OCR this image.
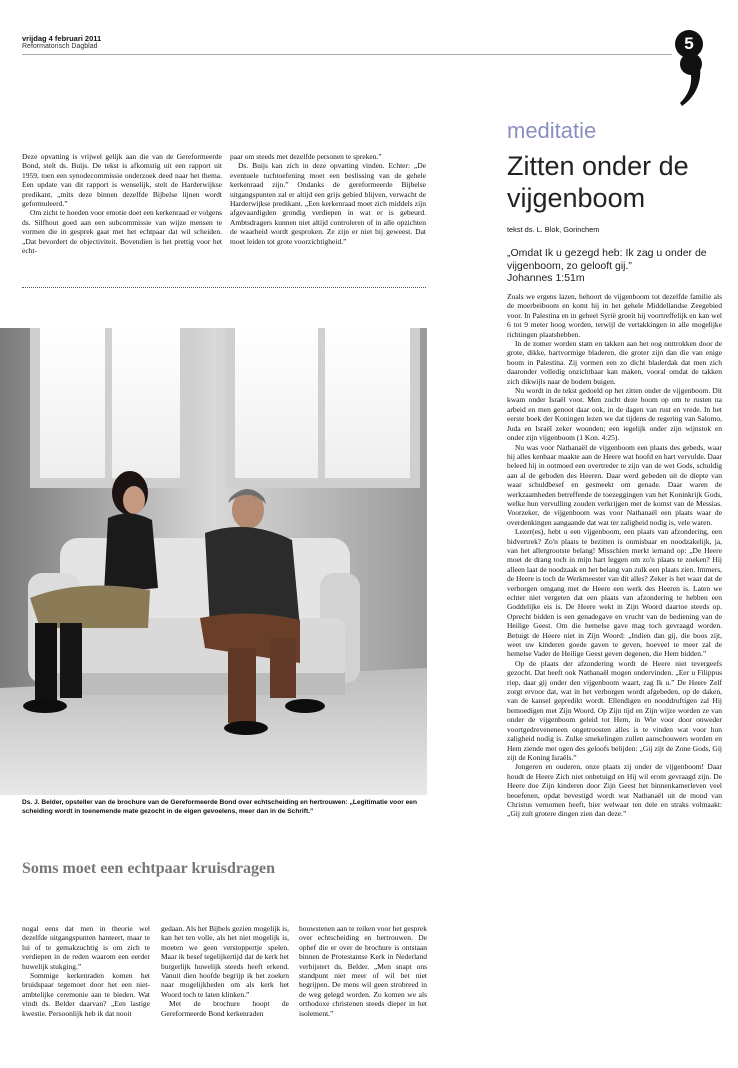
vrijdag 4 februari 2011
Reformatorisch Dagblad	5

Deze opvatting is vrijwel gelijk aan die van de Gereformeerde Bond, stelt ds. Buijs. De tekst is afkomstig uit een rapport uit 1959, toen een synodecommissie onderzoek deed naar het thema. Een update van dit rapport is wenselijk, stelt de Harderwijkse predikant, „mits deze binnen dezelfde Bijbelse lijnen wordt geformuleerd.”

Om zicht te hoeden voor emotie doet een kerkenraad er volgens ds. Silfhout goed aan een subcommissie van wijze mensen te vormen die in gesprek gaat met het echtpaar dat wil scheiden. „Dat bevordert de objectiviteit. Bovendien is het prettig voor het echt-

paar om steeds met dezelfde personen te spreken.”

Ds. Buijs kan zich in deze opvatting vinden. Echter: „De eventuele tuchtoefening moet een beslissing van de gehele kerkenraad zijn.” Ondanks de gereformeerde Bijbelse uitgangspunten zal er altijd een grijs gebied blijven, verwacht de Harderwijkse predikant. „Een kerkenraad moet zich middels zijn afgevaardigden grondig verdiepen in wat er is gebeurd. Ambtsdragers kunnen niet altijd controleren of in alle opzichten de waarheid wordt gesproken. Ze zijn er niet bij geweest. Dat moet leiden tot grote voorzichtigheid.”

Ds. J. Belder, opsteller van de brochure van de Gereformeerde Bond over echtscheiding en hertrouwen: „Legitimatie voor een scheiding wordt in toenemende mate gezocht in de eigen gevoelens, meer dan in de Schrift.”
Soms moet een echtpaar kruisdragen

nogal eens dat men in theorie wel dezelfde uitgangspunten hanteert, maar te lui of te gemakzuchtig is om zich te verdiepen in de reden waarom een eerder huwelijk stukging.”

Sommige kerkenraden komen het bruidspaar tegemoet door het een niet-ambtelijke ceremonie aan te bieden. Wat vindt ds. Belder daarvan? „Een lastige kwestie. Persoonlijk heb ik dat nooit

gedaan. Als het Bijbels gezien mogelijk is, kan het ten volle, als het niet mogelijk is, moeten we geen verstoppertje spelen. Maar ik besef tegelijkertijd dat de kerk het burgerlijk huwelijk steeds heeft erkend. Vanuit dien hoofde begrijp ik het zoeken naar mogelijkheden om als kerk het Woord toch te laten klinken.”

Met de brochure hoopt de Gereformeerde Bond kerkenraden

bouwstenen aan te reiken voor het gesprek over echtscheiding en hertrouwen. De ophef die er over de brochure is ontstaan binnen de Protestantse Kerk in Nederland verbijstert ds. Belder. „Men snapt ons standpunt niet meer of wil het niet begrijpen. De mens wil geen strobreed in de weg gelegd worden. Zo komen we als orthodoxe christenen steeds dieper in het isolement.”

meditatie
Zitten onder de vijgenboom
tekst ds. L. Blok, Gorinchem
„Omdat Ik u gezegd heb: Ik zag u onder de vijgenboom, zo gelooft gij.”
Johannes 1:51m

Zoals we ergens lazen, behoort de vijgenboom tot dezelfde familie als de moerbeiboom en komt hij in het gehele Middellandse Zeegebied voor. In Palestina en in geheel Syrië groeit hij voortreffelijk en kan wel 6 tot 9 meter hoog worden, terwijl de vertakkingen in alle mogelijke richtingen plaatshebben.

In de zomer worden stam en takken aan het oog onttrokken door de grote, dikke, hartvormige bladeren, die groter zijn dan die van enige boom in Palestina. Zij vormen een zo dicht bladerdak dat men zich daaronder volledig onzichtbaar kan maken, vooral omdat de takken zich dikwijls naar de bodem buigen.

Nu wordt in de tekst gedoeld op het zitten onder de vijgenboom. Dit kwam onder Israël voor. Men zocht deze boom op om te rusten na arbeid en men genoot daar ook, in de dagen van rust en vrede. In het eerste boek der Koningen lezen we dat tijdens de regering van Salomo, Juda en Israël zeker woonden; een iegelijk onder zijn wijnstok en onder zijn vijgenboom (1 Kon. 4:25).

Nu was voor Nathanaël de vijgenboom een plaats des gebeds, waar hij alles kenbaar maakte aan de Heere wat hoofd en hart vervulde. Daar beleed hij in ootmoed een overtreder te zijn van de wet Gods, schuldig aan al de geboden des Heeren. Daar werd gebeden uit de diepte van waar schuldbesef en gesmeekt om genade. Daar waren de werkzaamheden betreffende de toezeggingen van het Koninkrijk Gods, welke hun vervulling zouden verkrijgen met de komst van de Messias. Voorzeker, de vijgenboom was voor Nathanaël een plaats waar de overdenkingen aangaande dat wat ter zaligheid nodig is, vele waren.

Lezer(es), hebt u een vijgenboom, een plaats van afzondering, een bidvertrek? Zo'n plaats te bezitten is onmisbaar en noodzakelijk, ja, van het allergrootste belang! Misschien merkt iemand op: „De Heere moet de drang toch in mijn hart leggen om zo'n plaats te zoeken? Hij alleen laat de noodzaak en het belang van zulk een plaats zien. Immers, de Heere is toch de Werkmeester van dit alles? Zeker is het waar dat de verborgen omgang met de Heere een werk des Heeren is. Laten we echter niet vergeten dat een plaats van afzondering te hebben een Goddelijke eis is. De Heere wekt in Zijn Woord daartoe steeds op. Oprecht bidden is een genadegave en vrucht van de bediening van de Heilige Geest. Om die hemelse gave mag toch gevraagd worden. Betuigt de Heere niet in Zijn Woord: „Indien dan gij, die boos zijt, weet uw kinderen goede gaven te geven, hoeveel te meer zal de hemelse Vader de Heilige Geest geven degenen, die Hem bidden.”

Op de plaats der afzondering wordt de Heere niet tevergeefs gezocht. Dat heeft ook Nathanaël mogen ondervinden. „Eer u Filippus riep, daar gij onder den vijgenboom waart, zag Ik u.” De Heere Zelf zorgt ervoor dat, wat in het verborgen wordt afgebeden, op de daken, van de kansel gepredikt wordt. Ellendigen en nooddruftigen zal Hij bemoedigen met Zijn Woord. Op Zijn tijd en Zijn wijze worden ze van onder de vijgenboom geleid tot Hem, in Wie voor door onweder voortgedreveneneen ongetroosten alles is te vinden wat voor hun zaligheid nodig is. Zulke smekelingen zullen aanschouwers worden en Hem ziende met ogen des geloofs belijden: „Gij zijt de Zone Gods, Gij zijt de Koning Israëls.”

Jongeren en ouderen, onze plaats zij onder de vijgenboom! Daar houdt de Heere Zich niet onbetuigd en Hij wil erom gevraagd zijn. De Heere doe Zijn kinderen door Zijn Geest het binnenkamerleven veel beoefenen, opdat bevestigd wordt wat Nathanaël uit de mond van Christus vernomen heeft, hier welwaar ten dele en straks volmaakt: „Gij zult grotere dingen zien dan deze.”
